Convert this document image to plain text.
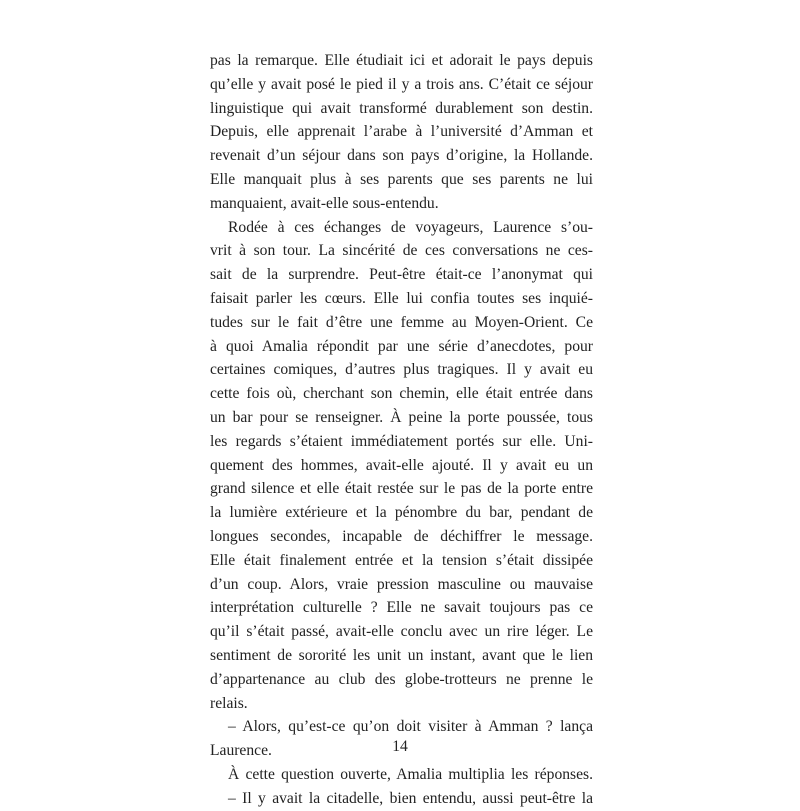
pas la remarque. Elle étudiait ici et adorait le pays depuis
qu’elle y avait posé le pied il y a trois ans. C’était ce séjour
linguistique qui avait transformé durablement son destin.
Depuis, elle apprenait l’arabe à l’université d’Amman et
revenait d’un séjour dans son pays d’origine, la Hollande.
Elle manquait plus à ses parents que ses parents ne lui
manquaient, avait-elle sous-entendu.
Rodée à ces échanges de voyageurs, Laurence s’ou-
vrit à son tour. La sincérité de ces conversations ne ces-
sait de la surprendre. Peut-être était-ce l’anonymat qui
faisait parler les cœurs. Elle lui confia toutes ses inquié-
tudes sur le fait d’être une femme au Moyen-Orient. Ce
à quoi Amalia répondit par une série d’anecdotes, pour
certaines comiques, d’autres plus tragiques. Il y avait eu
cette fois où, cherchant son chemin, elle était entrée dans
un bar pour se renseigner. À peine la porte poussée, tous
les regards s’étaient immédiatement portés sur elle. Uni-
quement des hommes, avait-elle ajouté. Il y avait eu un
grand silence et elle était restée sur le pas de la porte entre
la lumière extérieure et la pénombre du bar, pendant de
longues secondes, incapable de déchiffrer le message.
Elle était finalement entrée et la tension s’était dissipée
d’un coup. Alors, vraie pression masculine ou mauvaise
interprétation culturelle ? Elle ne savait toujours pas ce
qu’il s’était passé, avait-elle conclu avec un rire léger. Le
sentiment de sororité les unit un instant, avant que le lien
d’appartenance au club des globe-trotteurs ne prenne le
relais.
– Alors, qu’est-ce qu’on doit visiter à Amman ? lança
Laurence.
À cette question ouverte, Amalia multiplia les réponses.
– Il y avait la citadelle, bien entendu, aussi peut-être la
14
